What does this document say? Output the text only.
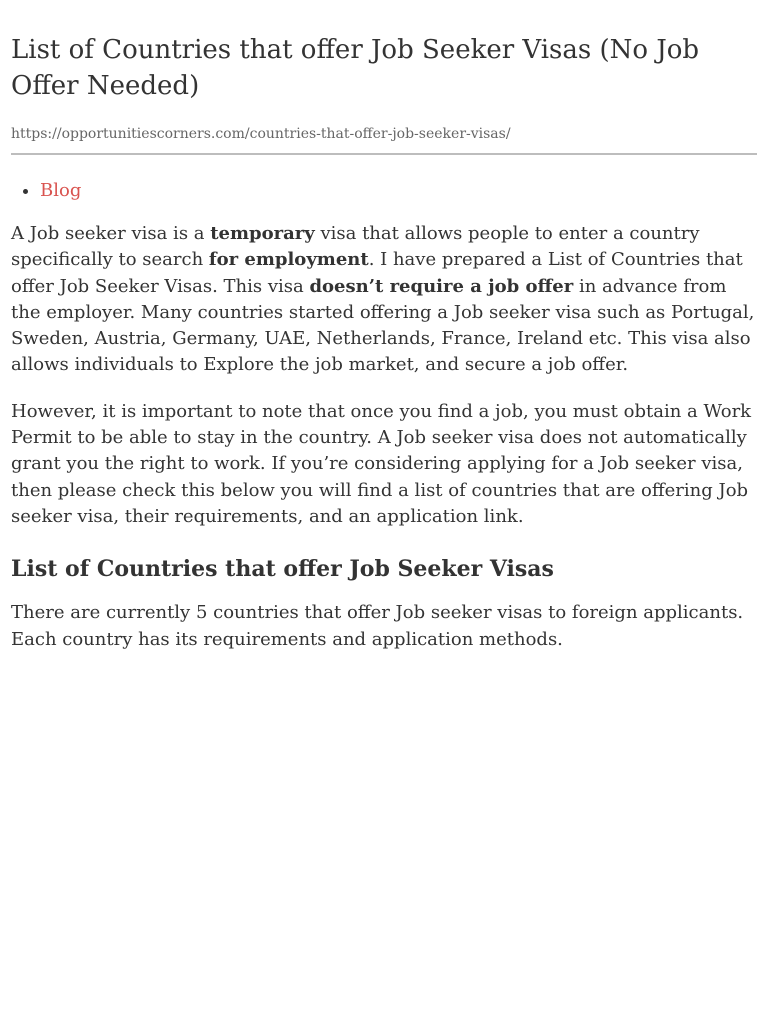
List of Countries that offer Job Seeker Visas (No Job Offer Needed)
https://opportunitiescorners.com/countries-that-offer-job-seeker-visas/
• Blog

A Job seeker visa is a temporary visa that allows people to enter a country specifically to search for employment. I have prepared a List of Countries that offer Job Seeker Visas. This visa doesn’t require a job offer in advance from the employer. Many countries started offering a Job seeker visa such as Portugal, Sweden, Austria, Germany, UAE, Netherlands, France, Ireland etc. This visa also allows individuals to Explore the job market, and secure a job offer.

However, it is important to note that once you find a job, you must obtain a Work Permit to be able to stay in the country. A Job seeker visa does not automatically grant you the right to work. If you’re considering applying for a Job seeker visa, then please check this below you will find a list of countries that are offering Job seeker visa, their requirements, and an application link.

List of Countries that offer Job Seeker Visas

There are currently 5 countries that offer Job seeker visas to foreign applicants. Each country has its requirements and application methods.
